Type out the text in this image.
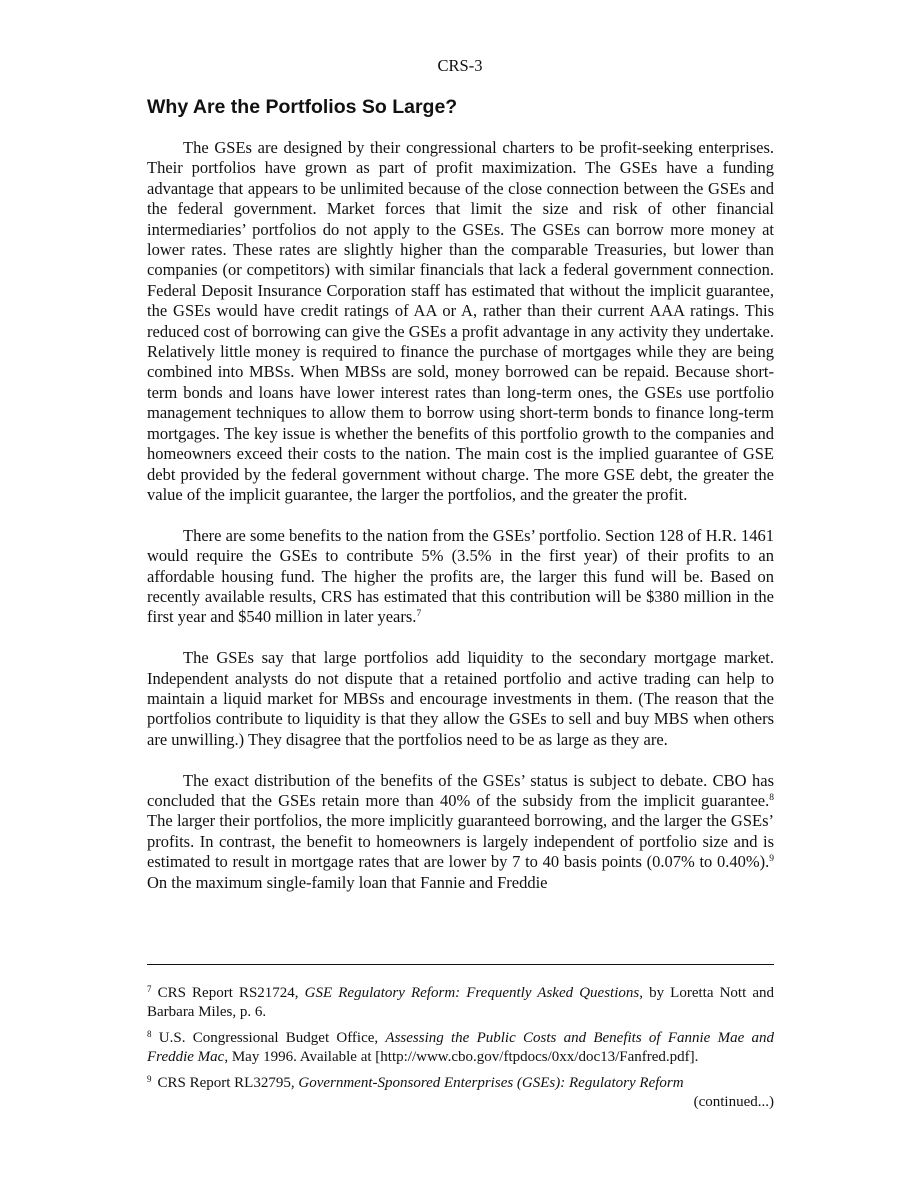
CRS-3
Why Are the Portfolios So Large?

The GSEs are designed by their congressional charters to be profit-seeking enterprises. Their portfolios have grown as part of profit maximization. The GSEs have a funding advantage that appears to be unlimited because of the close connection between the GSEs and the federal government. Market forces that limit the size and risk of other financial intermediaries’ portfolios do not apply to the GSEs. The GSEs can borrow more money at lower rates. These rates are slightly higher than the comparable Treasuries, but lower than companies (or competitors) with similar financials that lack a federal government connection. Federal Deposit Insurance Corporation staff has estimated that without the implicit guarantee, the GSEs would have credit ratings of AA or A, rather than their current AAA ratings. This reduced cost of borrowing can give the GSEs a profit advantage in any activity they undertake. Relatively little money is required to finance the purchase of mortgages while they are being combined into MBSs. When MBSs are sold, money borrowed can be repaid. Because short-term bonds and loans have lower interest rates than long-term ones, the GSEs use portfolio management techniques to allow them to borrow using short-term bonds to finance long-term mortgages. The key issue is whether the benefits of this portfolio growth to the companies and homeowners exceed their costs to the nation. The main cost is the implied guarantee of GSE debt provided by the federal government without charge. The more GSE debt, the greater the value of the implicit guarantee, the larger the portfolios, and the greater the profit.

There are some benefits to the nation from the GSEs’ portfolio. Section 128 of H.R. 1461 would require the GSEs to contribute 5% (3.5% in the first year) of their profits to an affordable housing fund. The higher the profits are, the larger this fund will be. Based on recently available results, CRS has estimated that this contribution will be $380 million in the first year and $540 million in later years.$^7$

The GSEs say that large portfolios add liquidity to the secondary mortgage market. Independent analysts do not dispute that a retained portfolio and active trading can help to maintain a liquid market for MBSs and encourage investments in them. (The reason that the portfolios contribute to liquidity is that they allow the GSEs to sell and buy MBS when others are unwilling.) They disagree that the portfolios need to be as large as they are.

The exact distribution of the benefits of the GSEs’ status is subject to debate. CBO has concluded that the GSEs retain more than 40% of the subsidy from the implicit guarantee.$^8$ The larger their portfolios, the more implicitly guaranteed borrowing, and the larger the GSEs’ profits. In contrast, the benefit to homeowners is largely independent of portfolio size and is estimated to result in mortgage rates that are lower by 7 to 40 basis points (0.07% to 0.40%).$^9$ On the maximum single-family loan that Fannie and Freddie

$^7$ CRS Report RS21724, GSE Regulatory Reform: Frequently Asked Questions, by Loretta Nott and Barbara Miles, p. 6.

$^8$ U.S. Congressional Budget Office, Assessing the Public Costs and Benefits of Fannie Mae and Freddie Mac, May 1996. Available at [http://www.cbo.gov/ftpdocs/0xx/doc13/Fanfred.pdf].

$^9$ CRS Report RL32795, Government-Sponsored Enterprises (GSEs): Regulatory Reform

(continued...)
